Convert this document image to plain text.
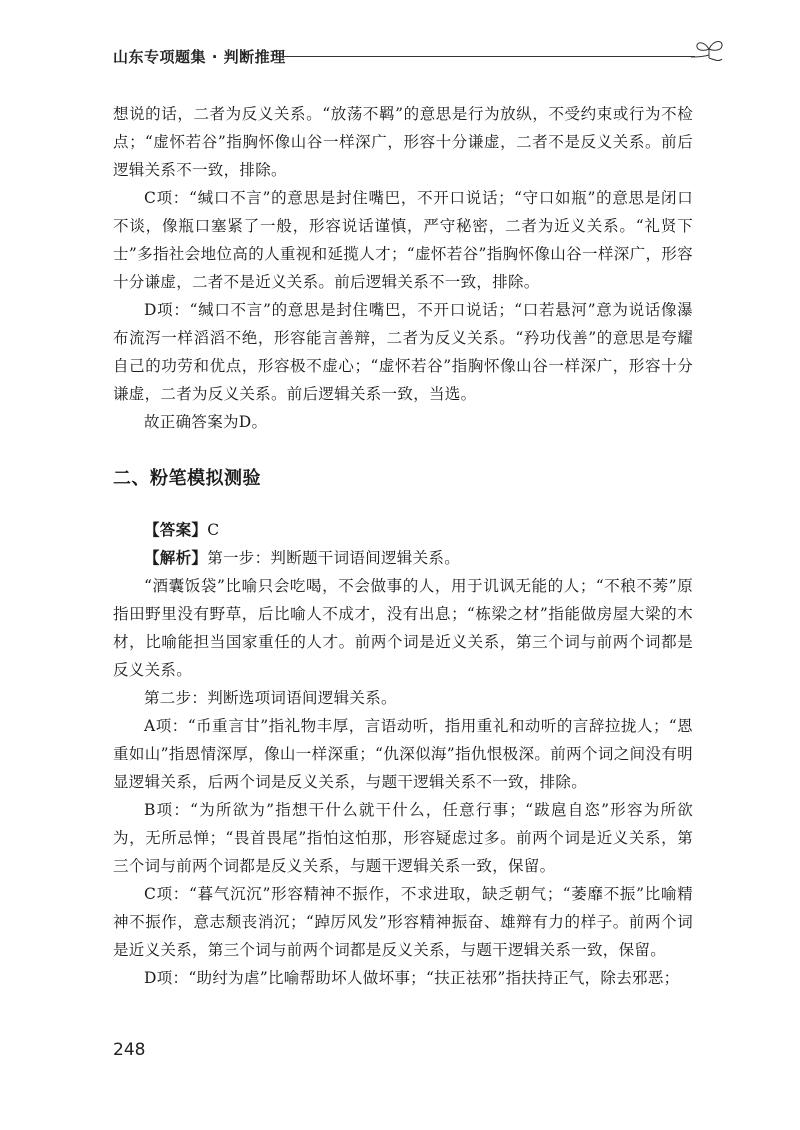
山东专项题集 · 判断推理

想说的话，二者为反义关系。“放荡不羁”的意思是行为放纵，不受约束或行为不检点；“虚怀若谷”指胸怀像山谷一样深广，形容十分谦虚，二者不是反义关系。前后逻辑关系不一致，排除。

C项：“缄口不言”的意思是封住嘴巴，不开口说话；“守口如瓶”的意思是闭口不谈，像瓶口塞紧了一般，形容说话谨慎，严守秘密，二者为近义关系。“礼贤下士”多指社会地位高的人重视和延揽人才；“虚怀若谷”指胸怀像山谷一样深广，形容十分谦虚，二者不是近义关系。前后逻辑关系不一致，排除。

D项：“缄口不言”的意思是封住嘴巴，不开口说话；“口若悬河”意为说话像瀑布流泻一样滔滔不绝，形容能言善辩，二者为反义关系。“矜功伐善”的意思是夸耀自己的功劳和优点，形容极不虚心；“虚怀若谷”指胸怀像山谷一样深广，形容十分谦虚，二者为反义关系。前后逻辑关系一致，当选。

故正确答案为D。

二、粉笔模拟测验

【答案】C

【解析】第一步：判断题干词语间逻辑关系。

“酒囊饭袋”比喻只会吃喝，不会做事的人，用于讥讽无能的人；“不稂不莠”原指田野里没有野草，后比喻人不成才，没有出息；“栋梁之材”指能做房屋大梁的木材，比喻能担当国家重任的人才。前两个词是近义关系，第三个词与前两个词都是反义关系。

第二步：判断选项词语间逻辑关系。

A项：“币重言甘”指礼物丰厚，言语动听，指用重礼和动听的言辞拉拢人；“恩重如山”指恩情深厚，像山一样深重；“仇深似海”指仇恨极深。前两个词之间没有明显逻辑关系，后两个词是反义关系，与题干逻辑关系不一致，排除。

B项：“为所欲为”指想干什么就干什么，任意行事；“跋扈自恣”形容为所欲为，无所忌惮；“畏首畏尾”指怕这怕那，形容疑虑过多。前两个词是近义关系，第三个词与前两个词都是反义关系，与题干逻辑关系一致，保留。

C项：“暮气沉沉”形容精神不振作，不求进取，缺乏朝气；“萎靡不振”比喻精神不振作，意志颓丧消沉；“踔厉风发”形容精神振奋、雄辩有力的样子。前两个词是近义关系，第三个词与前两个词都是反义关系，与题干逻辑关系一致，保留。

D项：“助纣为虐”比喻帮助坏人做坏事；“扶正祛邪”指扶持正气，除去邪恶；

248
